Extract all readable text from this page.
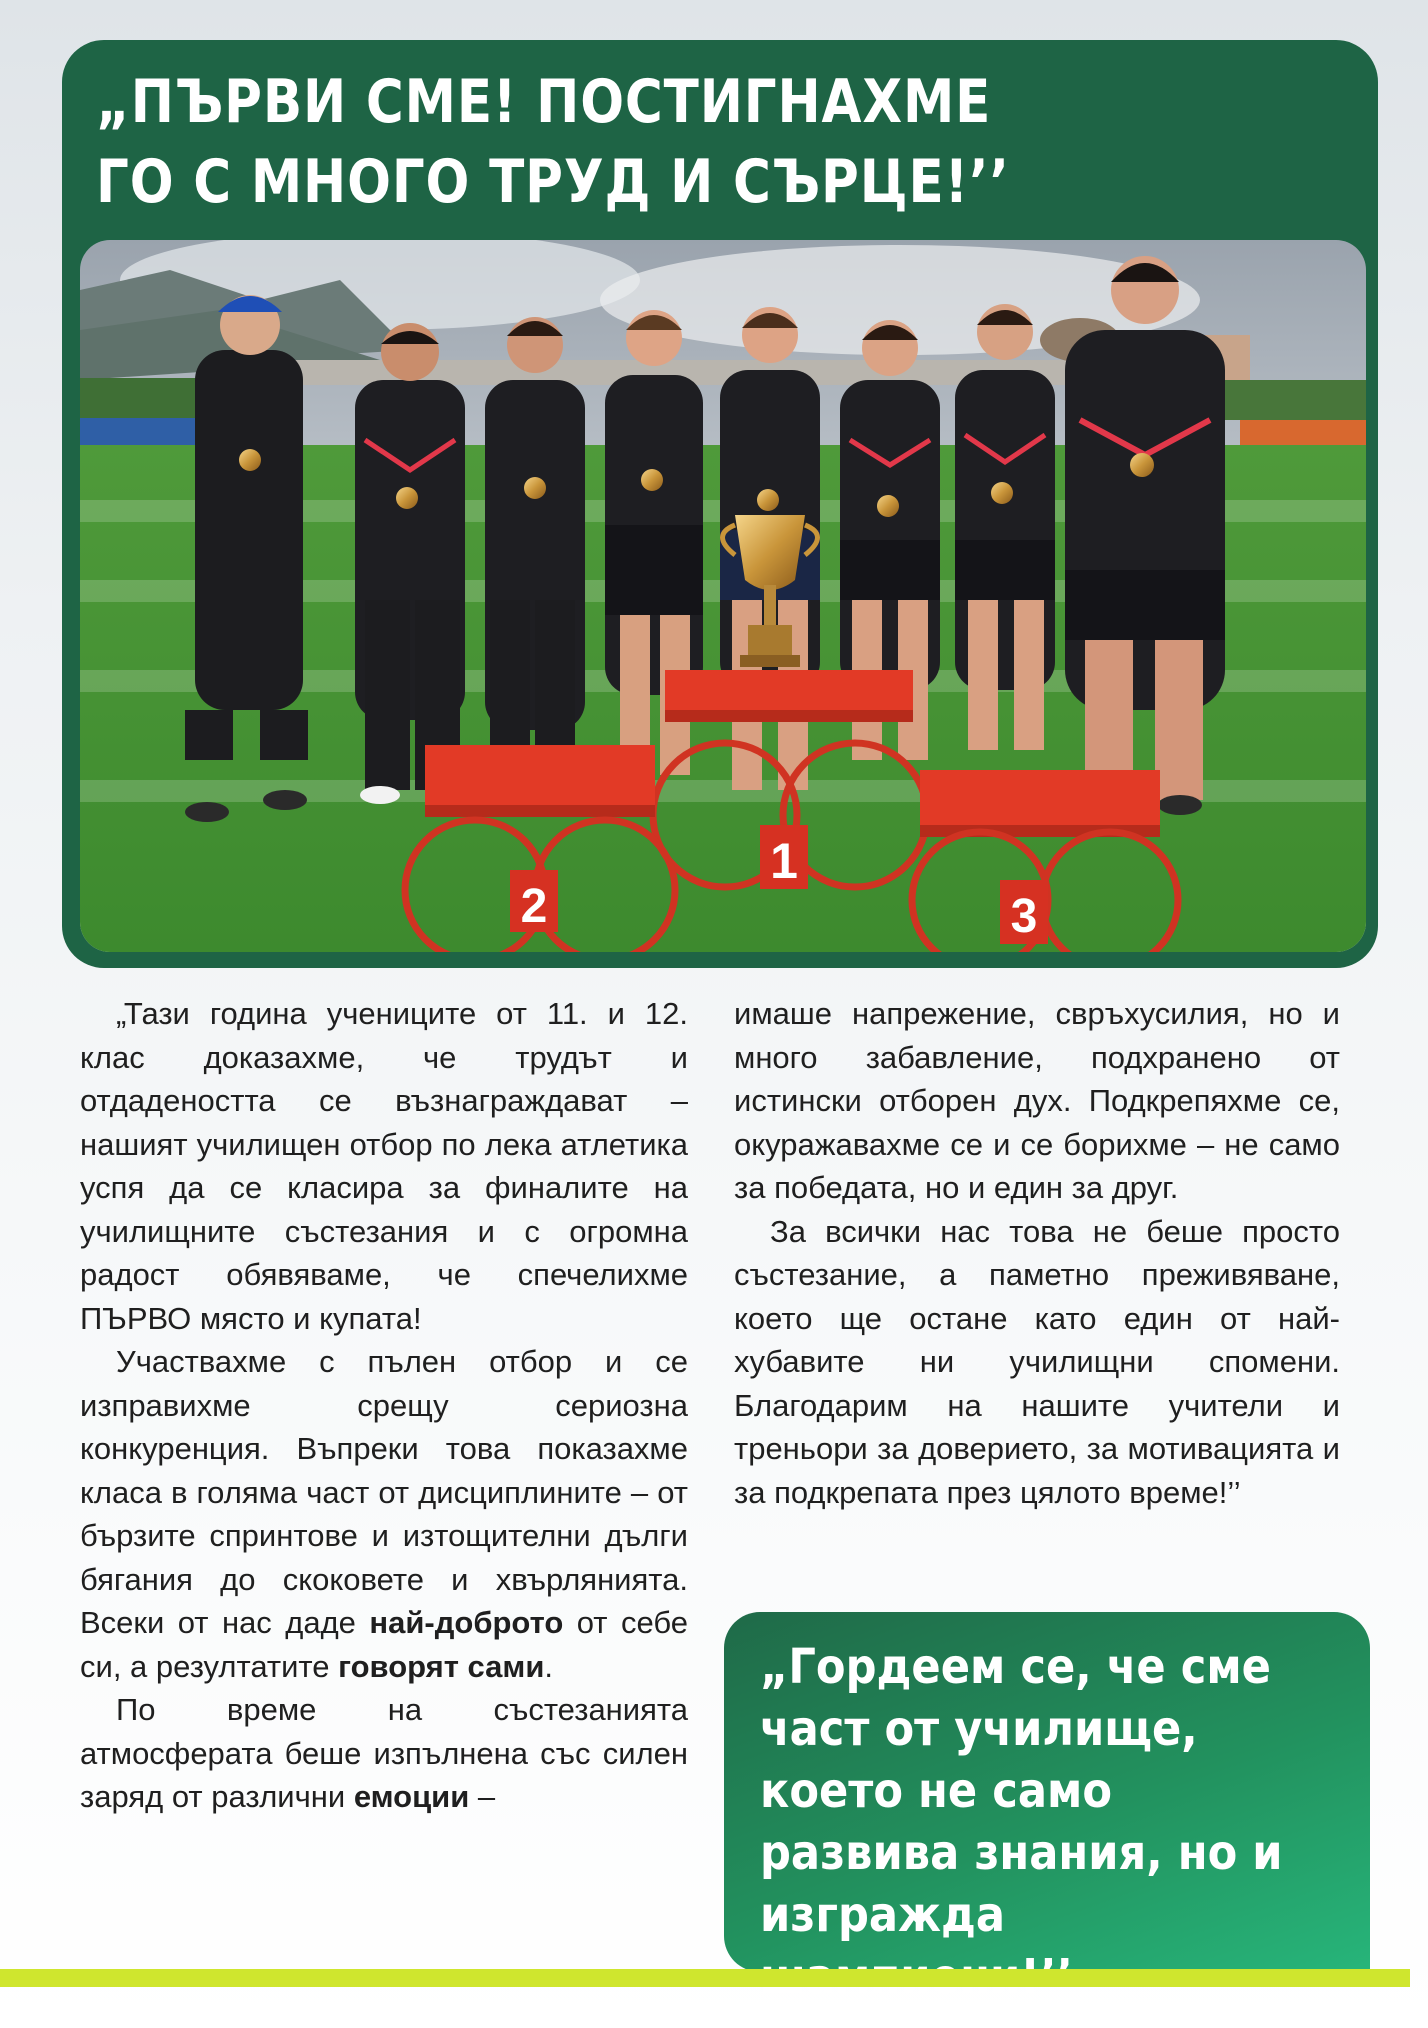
„ПЪРВИ СМЕ! ПОСТИГНАХМЕ
ГО С МНОГО ТРУД И СЪРЦЕ!’’
1
2	3

„Тази година учениците от 11. и 12. клас доказахме, че трудът и отдадеността се възнаграждават – нашият училищен отбор по лека атлетика успя да се класира за финалите на училищните състезания и с огромна радост обявяваме, че спечелихме ПЪРВО място и купата!

Участвахме с пълен отбор и се изправихме срещу сериозна конкуренция. Въпреки това показахме класа в голяма част от дисциплините – от бързите спринтове и изтощителни дълги бягания до скоковете и хвърлянията. Всеки от нас даде най-доброто от себе си, а резултатите говорят сами.

По време на състезанията атмосферата беше изпълнена със силен заряд от различни емоции –

имаше напрежение, свръхусилия, но и много забавление, подхранено от истински отборен дух. Подкрепяхме се, окуражавахме се и се борихме – не само за победата, но и един за друг.

За всички нас това не беше просто състезание, а паметно преживяване, което ще остане като един от най-хубавите ни училищни спомени. Благодарим на нашите учители и треньори за доверието, за мотивацията и за подкрепата през цялото време!’’

„Гордеем се, че сме
част от училище,
което не само
развива знания, но и
изгражда
